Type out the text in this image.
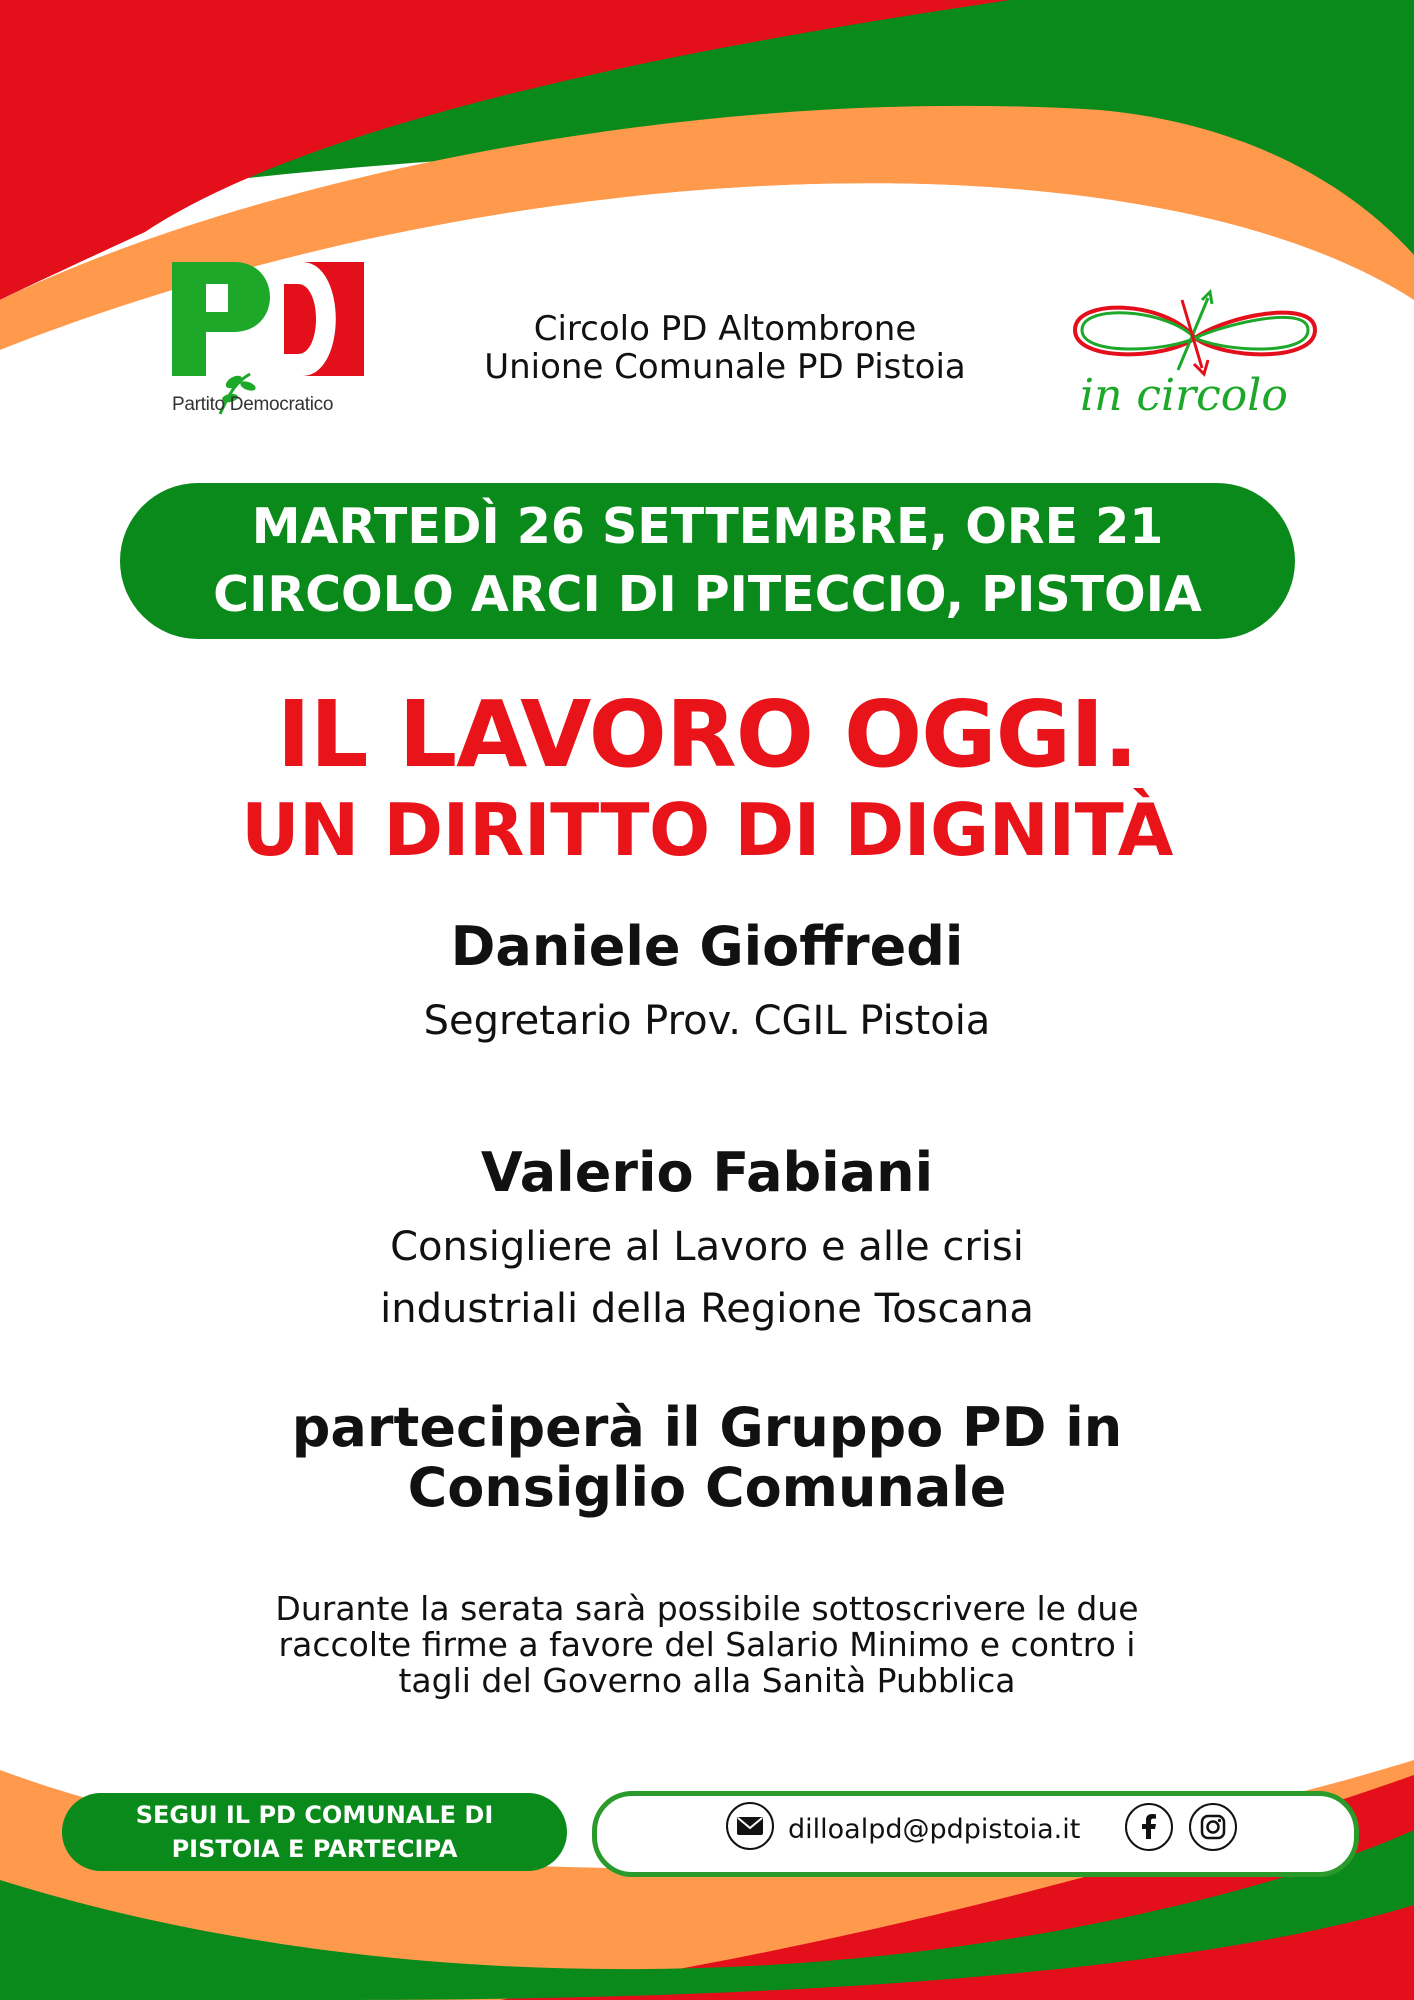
Partito Democratico
Circolo PD Altombrone
Unione Comunale PD Pistoia
in circolo
MARTEDÌ 26 SETTEMBRE, ORE 21
CIRCOLO ARCI DI PITECCIO, PISTOIA
IL LAVORO OGGI.
UN DIRITTO DI DIGNITÀ
Daniele Gioffredi
Segretario Prov. CGIL Pistoia
Valerio Fabiani
Consigliere al Lavoro e alle crisi
industriali della Regione Toscana
parteciperà il Gruppo PD in
Consiglio Comunale
Durante la serata sarà possibile sottoscrivere le due
raccolte firme a favore del Salario Minimo e contro i
tagli del Governo alla Sanità Pubblica
SEGUI IL PD COMUNALE DI
PISTOIA E PARTECIPA
dilloalpd@pdpistoia.it
